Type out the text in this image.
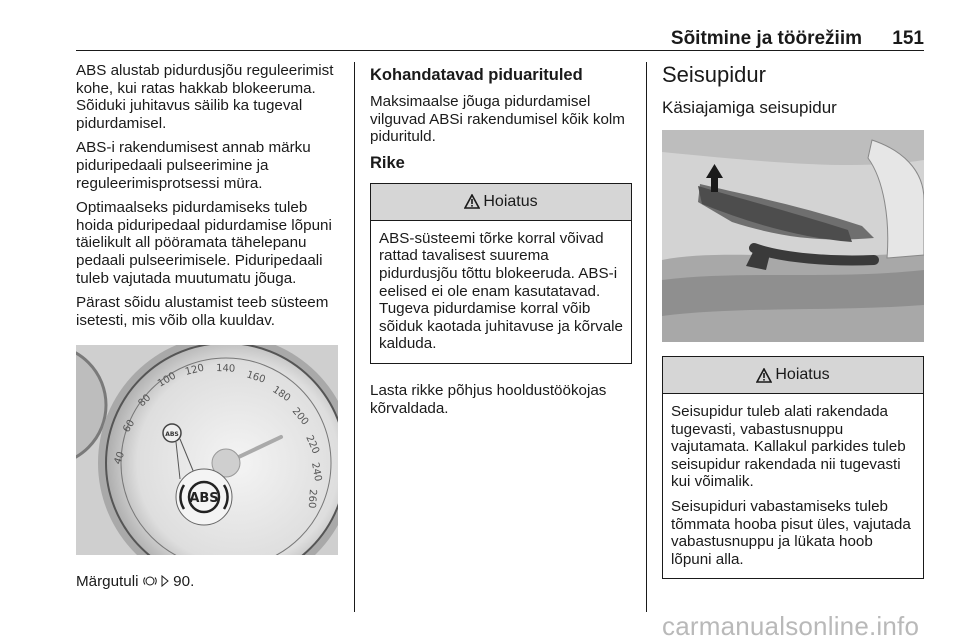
Sõitmine ja töörežiim 151

ABS alustab pidurdusjõu reguleerimist kohe, kui ratas hakkab blokeeruma. Sõiduki juhitavus säilib ka tugeval pidurdamisel.

ABS-i rakendumisest annab märku piduripedaali pulseerimine ja reguleerimisprotsessi müra.

Optimaalseks pidurdamiseks tuleb hoida piduripedaal pidurdamise lõpuni täielikult all pööramata tähelepanu pedaali pulseerimisele. Piduripedaali tuleb vajutada muutumatu jõuga.

Pärast sõidu alustamist teeb süsteem isetesti, mis võib olla kuuldav.

40
60
80
100
120 140
160
180
200
220
240
260
ABS
ABS

Märgutuli 90.

Kohandatavad piduarituled

Maksimaalse jõuga pidurdamisel vilguvad ABSi rakendumisel kõik kolm pidurituld.

Rike
Hoiatus

ABS-süsteemi tõrke korral võivad rattad tavalisest suurema pidurdusjõu tõttu blokeeruda. ABS-i eelised ei ole enam kasutatavad. Tugeva pidurdamise korral võib sõiduk kaotada juhitavuse ja kõrvale kalduda.

Lasta rikke põhjus hooldustöökojas kõrvaldada.

Seisupidur
Käsiajamiga seisupidur
Hoiatus

Seisupidur tuleb alati rakendada tugevasti, vabastusnuppu vajutamata. Kallakul parkides tuleb seisupidur rakendada nii tugevasti kui võimalik.

Seisupiduri vabastamiseks tuleb tõmmata hooba pisut üles, vajutada vabastusnuppu ja lükata hoob lõpuni alla.

carmanualsonline.info
